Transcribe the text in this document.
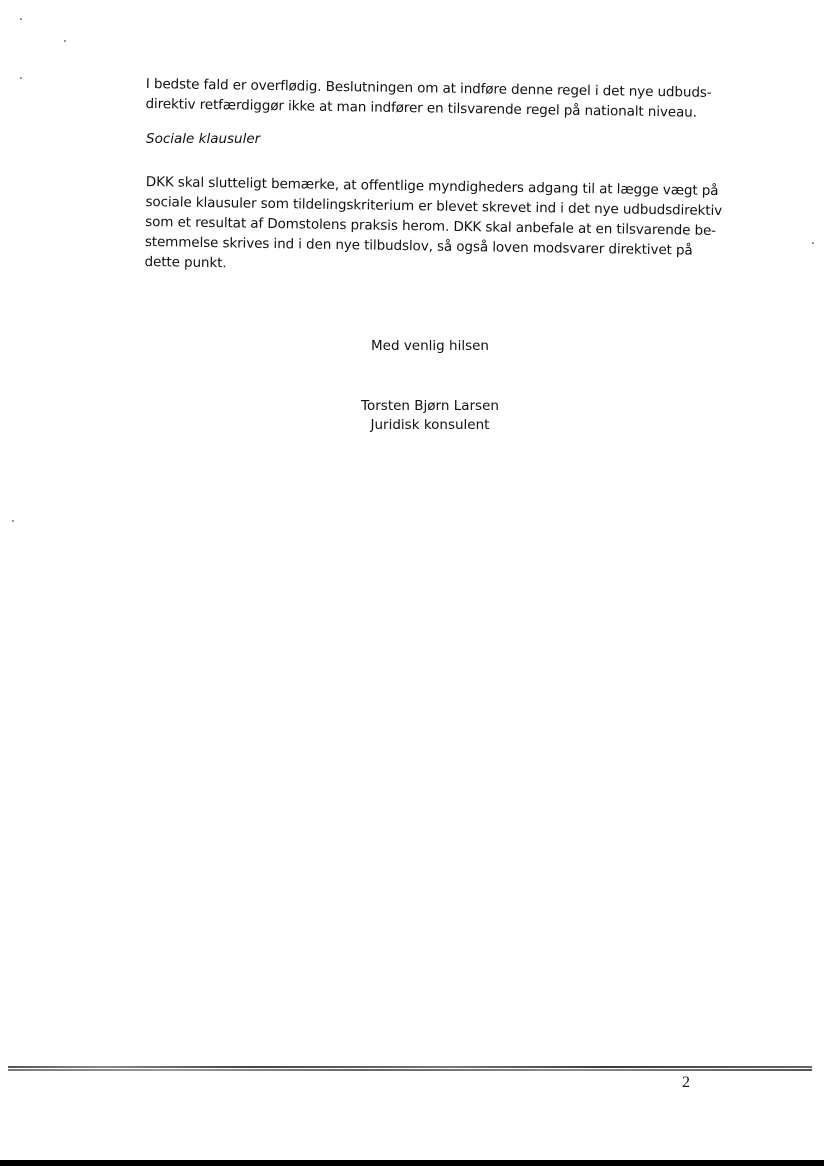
I bedste fald er overflødig. Beslutningen om at indføre denne regel i det nye udbuds-
direktiv retfærdiggør ikke at man indfører en tilsvarende regel på nationalt niveau.

Sociale klausuler

DKK skal slutteligt bemærke, at offentlige myndigheders adgang til at lægge vægt på
sociale klausuler som tildelingskriterium er blevet skrevet ind i det nye udbudsdirektiv
som et resultat af Domstolens praksis herom. DKK skal anbefale at en tilsvarende be-
stemmelse skrives ind i den nye tilbudslov, så også loven modsvarer direktivet på
dette punkt.

Med venlig hilsen
Torsten Bjørn Larsen
Juridisk konsulent
2
